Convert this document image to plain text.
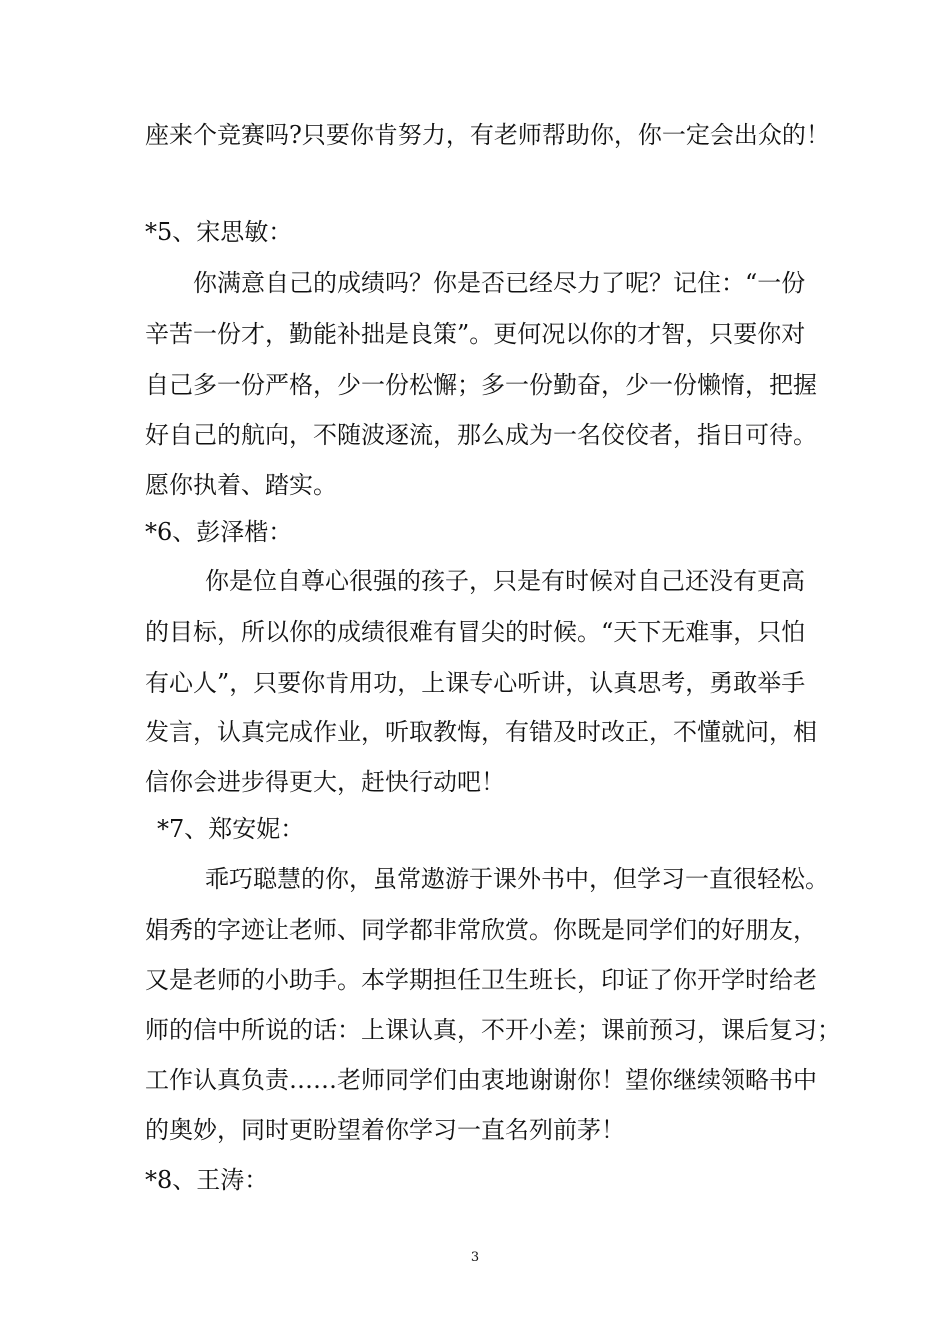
座来个竞赛吗?只要你肯努力，有老师帮助你，你一定会出众的！
*5、宋思敏：
你满意自己的成绩吗？你是否已经尽力了呢？记住：“一份
辛苦一份才，勤能补拙是良策”。更何况以你的才智，只要你对
自己多一份严格，少一份松懈；多一份勤奋，少一份懒惰，把握
好自己的航向，不随波逐流，那么成为一名佼佼者，指日可待。
愿你执着、踏实。
*6、彭泽楷：
你是位自尊心很强的孩子，只是有时候对自己还没有更高
的目标，所以你的成绩很难有冒尖的时候。“天下无难事，只怕
有心人”，只要你肯用功，上课专心听讲，认真思考，勇敢举手
发言，认真完成作业，听取教悔，有错及时改正，不懂就问，相
信你会进步得更大，赶快行动吧！
*7、郑安妮：
乖巧聪慧的你，虽常遨游于课外书中，但学习一直很轻松。
娟秀的字迹让老师、同学都非常欣赏。你既是同学们的好朋友，
又是老师的小助手。本学期担任卫生班长，印证了你开学时给老
师的信中所说的话：上课认真，不开小差；课前预习，课后复习；
工作认真负责……老师同学们由衷地谢谢你！望你继续领略书中
的奥妙，同时更盼望着你学习一直名列前茅！
*8、王涛：
3
